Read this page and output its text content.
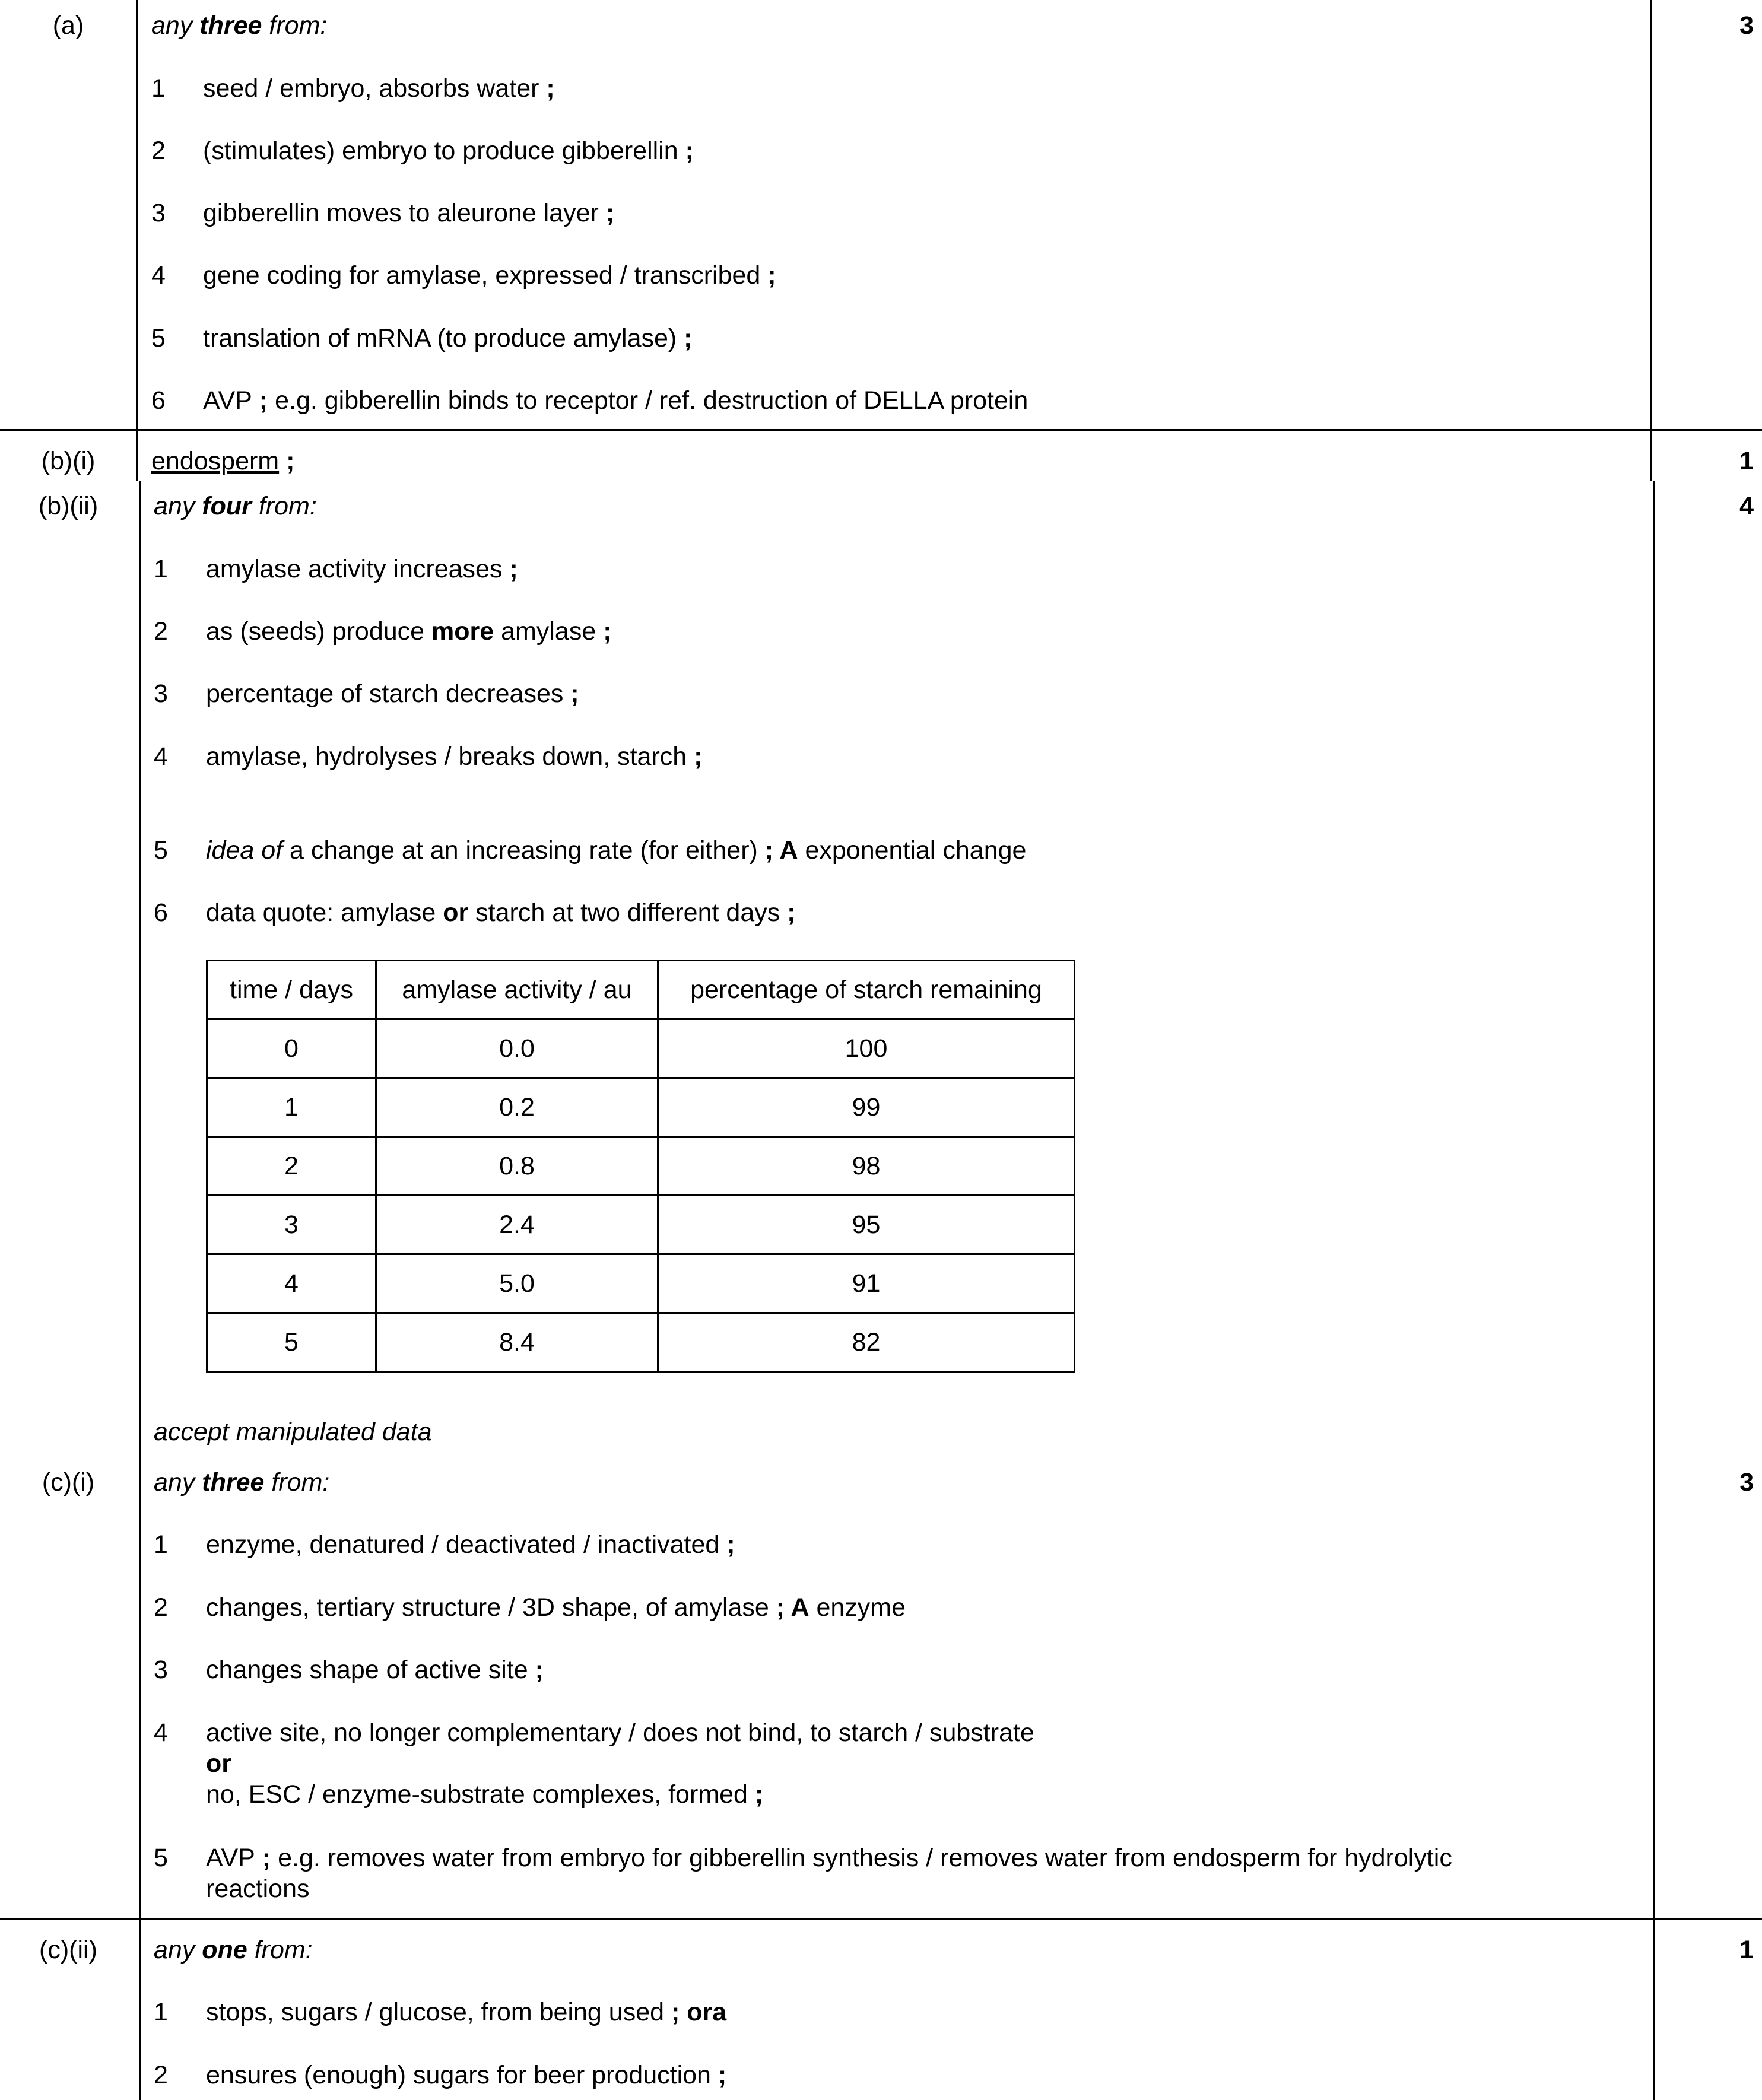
(a)	3
any three from:
1 seed / embryo, absorbs water ;
2 (stimulates) embryo to produce gibberellin ;
3 gibberellin moves to aleurone layer ;
4 gene coding for amylase, expressed / transcribed ;
5 translation of mRNA (to produce amylase) ;
6 AVP ; e.g. gibberellin binds to receptor / ref. destruction of DELLA protein
(b)(i)	1
endosperm ;
(b)(ii)	4
any four from:
1 amylase activity increases ;
2 as (seeds) produce more amylase ;
3 percentage of starch decreases ;
4 amylase, hydrolyses / breaks down, starch ;
5 idea of a change at an increasing rate (for either) ; A exponential change
6 data quote: amylase or starch at two different days ;
time / days	amylase activity / au	percentage of starch remaining
0	0.0	100
1	0.2	99
2	0.8	98
3	2.4	95
4	5.0	91
5	8.4	82
accept manipulated data
(c)(i)	3
any three from:
1 enzyme, denatured / deactivated / inactivated ;
2 changes, tertiary structure / 3D shape, of amylase ; A enzyme
3 changes shape of active site ;
4 active site, no longer complementary / does not bind, to starch / substrate
or
no, ESC / enzyme-substrate complexes, formed ;
5 AVP ; e.g. removes water from embryo for gibberellin synthesis / removes water from endosperm for hydrolytic
reactions
(c)(ii)	1
any one from:
1 stops, sugars / glucose, from being used ; ora
2 ensures (enough) sugars for beer production ;
